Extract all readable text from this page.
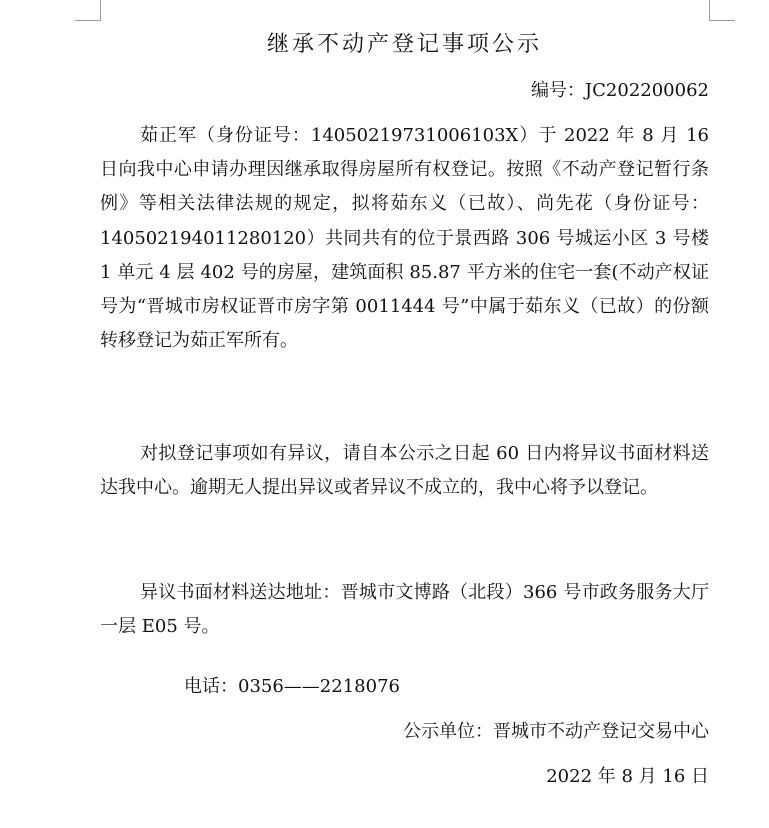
继承不动产登记事项公示
编号：JC202200062

茹正军（身份证号：14050219731006103X）于 2022 年 8 月 16 日向我中心申请办理因继承取得房屋所有权登记。按照《不动产登记暂行条例》等相关法律法规的规定，拟将茹东义（已故）、尚先花（身份证号：140502194011280120）共同共有的位于景西路 306 号城运小区 3 号楼 1 单元 4 层 402 号的房屋，建筑面积 85.87 平方米的住宅一套(不动产权证号为“晋城市房权证晋市房字第 0011444 号”中属于茹东义（已故）的份额转移登记为茹正军所有。

对拟登记事项如有异议，请自本公示之日起 60 日内将异议书面材料送达我中心。逾期无人提出异议或者异议不成立的，我中心将予以登记。

异议书面材料送达地址：晋城市文博路（北段）366 号市政务服务大厅一层 E05 号。

电话：0356——2218076
公示单位：晋城市不动产登记交易中心
2022 年 8 月 16 日
